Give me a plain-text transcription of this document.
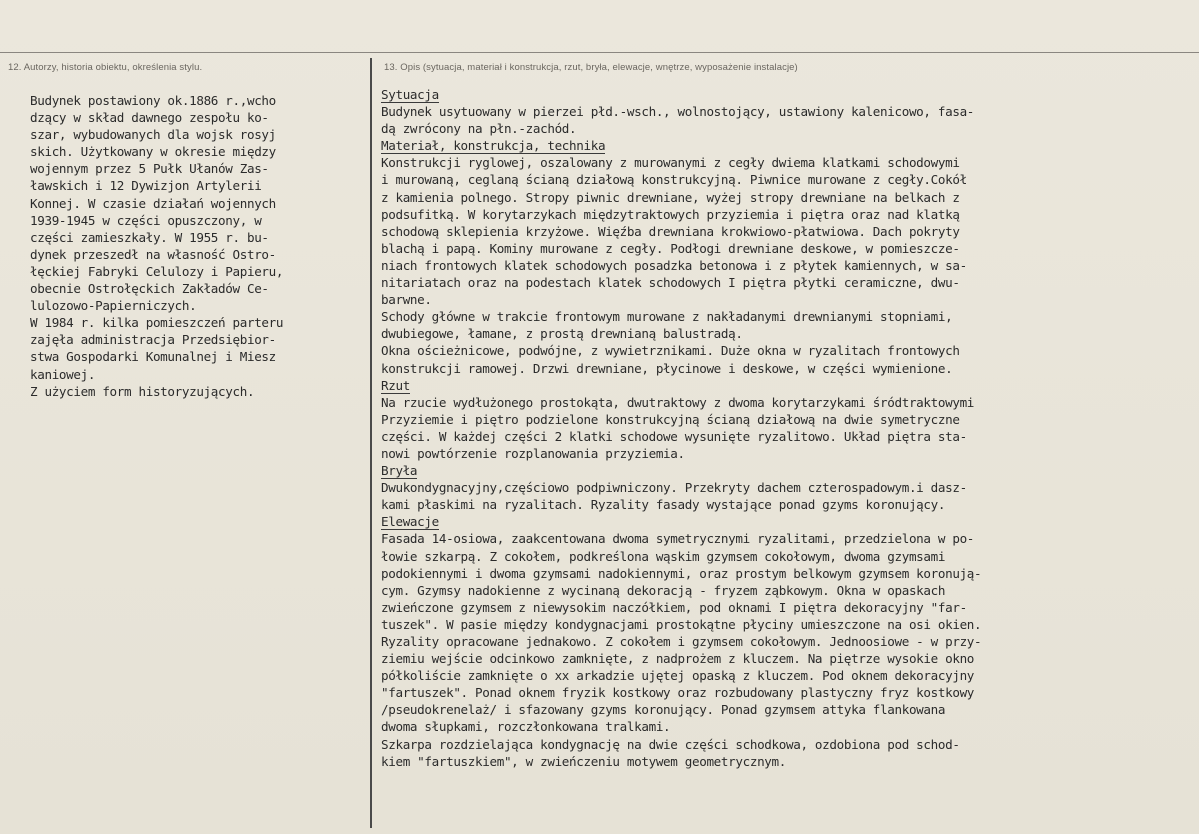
12. Autorzy, historia obiektu, określenia stylu.	13. Opis (sytuacja, materiał i konstrukcja, rzut, bryła, elewacje, wnętrze, wyposażenie instalacje)
Budynek postawiony ok.1886 r.,wcho
dzący w skład dawnego zespołu ko-
szar, wybudowanych dla wojsk rosyj
skich. Użytkowany w okresie między
wojennym przez 5 Pułk Ułanów Zas-
ławskich i 12 Dywizjon Artylerii
Konnej. W czasie działań wojennych
1939-1945 w części opuszczony, w
części zamieszkały. W 1955 r. bu-
dynek przeszedł na własność Ostro-
łęckiej Fabryki Celulozy i Papieru,
obecnie Ostrołęckich Zakładów Ce-
lulozowo-Papierniczych.
W 1984 r. kilka pomieszczeń parteru
zajęła administracja Przedsiębior-
stwa Gospodarki Komunalnej i Miesz
kaniowej.
Z użyciem form historyzujących.
Sytuacja
Budynek usytuowany w pierzei płd.-wsch., wolnostojący, ustawiony kalenicowo, fasa-
dą zwrócony na płn.-zachód.
Materiał, konstrukcja, technika
Konstrukcji ryglowej, oszalowany z murowanymi z cegły dwiema klatkami schodowymi
i murowaną, ceglaną ścianą działową konstrukcyjną. Piwnice murowane z cegły.Cokół
z kamienia polnego. Stropy piwnic drewniane, wyżej stropy drewniane na belkach z
podsufitką. W korytarzykach międzytraktowych przyziemia i piętra oraz nad klatką
schodową sklepienia krzyżowe. Więźba drewniana krokwiowo-płatwiowa. Dach pokryty
blachą i papą. Kominy murowane z cegły. Podłogi drewniane deskowe, w pomieszcze-
niach frontowych klatek schodowych posadzka betonowa i z płytek kamiennych, w sa-
nitariatach oraz na podestach klatek schodowych I piętra płytki ceramiczne, dwu-
barwne.
Schody główne w trakcie frontowym murowane z nakładanymi drewnianymi stopniami,
dwubiegowe, łamane, z prostą drewnianą balustradą.
Okna ościeżnicowe, podwójne, z wywietrznikami. Duże okna w ryzalitach frontowych
konstrukcji ramowej. Drzwi drewniane, płycinowe i deskowe, w części wymienione.
Rzut
Na rzucie wydłużonego prostokąta, dwutraktowy z dwoma korytarzykami śródtraktowymi
Przyziemie i piętro podzielone konstrukcyjną ścianą działową na dwie symetryczne
części. W każdej części 2 klatki schodowe wysunięte ryzalitowo. Układ piętra sta-
nowi powtórzenie rozplanowania przyziemia.
Bryła
Dwukondygnacyjny,częściowo podpiwniczony. Przekryty dachem czterospadowym.i dasz-
kami płaskimi na ryzalitach. Ryzality fasady wystające ponad gzyms koronujący.
Elewacje
Fasada 14-osiowa, zaakcentowana dwoma symetrycznymi ryzalitami, przedzielona w po-
łowie szkarpą. Z cokołem, podkreślona wąskim gzymsem cokołowym, dwoma gzymsami
podokiennymi i dwoma gzymsami nadokiennymi, oraz prostym belkowym gzymsem koronują-
cym. Gzymsy nadokienne z wycinaną dekoracją - fryzem ząbkowym. Okna w opaskach
zwieńczone gzymsem z niewysokim naczółkiem, pod oknami I piętra dekoracyjny "far-
tuszek". W pasie między kondygnacjami prostokątne płyciny umieszczone na osi okien.
Ryzality opracowane jednakowo. Z cokołem i gzymsem cokołowym. Jednoosiowe - w przy-
ziemiu wejście odcinkowo zamknięte, z nadprożem z kluczem. Na piętrze wysokie okno
półkoliście zamknięte o xx arkadzie ujętej opaską z kluczem. Pod oknem dekoracyjny
"fartuszek". Ponad oknem fryzik kostkowy oraz rozbudowany plastyczny fryz kostkowy
/pseudokrenelaż/ i sfazowany gzyms koronujący. Ponad gzymsem attyka flankowana
dwoma słupkami, rozczłonkowana tralkami.
Szkarpa rozdzielająca kondygnację na dwie części schodkowa, ozdobiona pod schod-
kiem "fartuszkiem", w zwieńczeniu motywem geometrycznym.
